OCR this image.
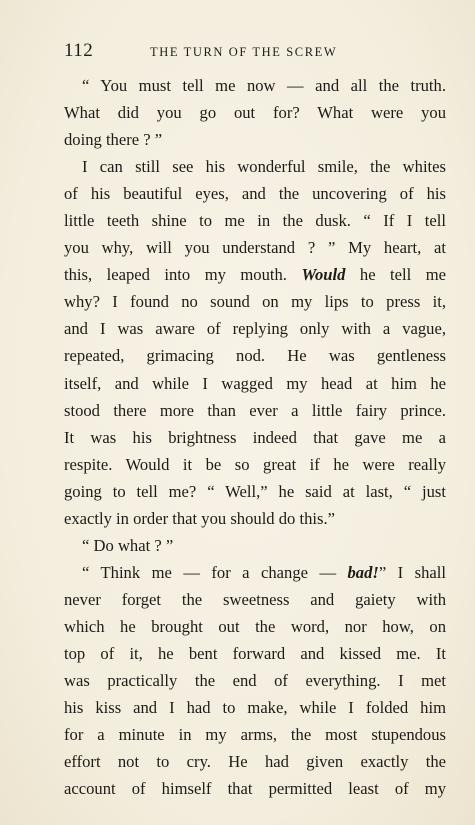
112	THE TURN OF THE SCREW
“ You must tell me now — and all the truth.
What did you go out for? What were you
doing there ? ”
I can still see his wonderful smile, the whites
of his beautiful eyes, and the uncovering of his
little teeth shine to me in the dusk. “ If I tell
you why, will you understand ? ” My heart, at
this, leaped into my mouth. Would he tell me
why? I found no sound on my lips to press it,
and I was aware of replying only with a vague,
repeated, grimacing nod. He was gentleness
itself, and while I wagged my head at him he
stood there more than ever a little fairy prince.
It was his brightness indeed that gave me a
respite. Would it be so great if he were really
going to tell me? “ Well,” he said at last, “ just
exactly in order that you should do this.”
“ Do what ? ”
“ Think me — for a change — bad!” I shall
never forget the sweetness and gaiety with
which he brought out the word, nor how, on
top of it, he bent forward and kissed me. It
was practically the end of everything. I met
his kiss and I had to make, while I folded him
for a minute in my arms, the most stupendous
effort not to cry. He had given exactly the
account of himself that permitted least of my
